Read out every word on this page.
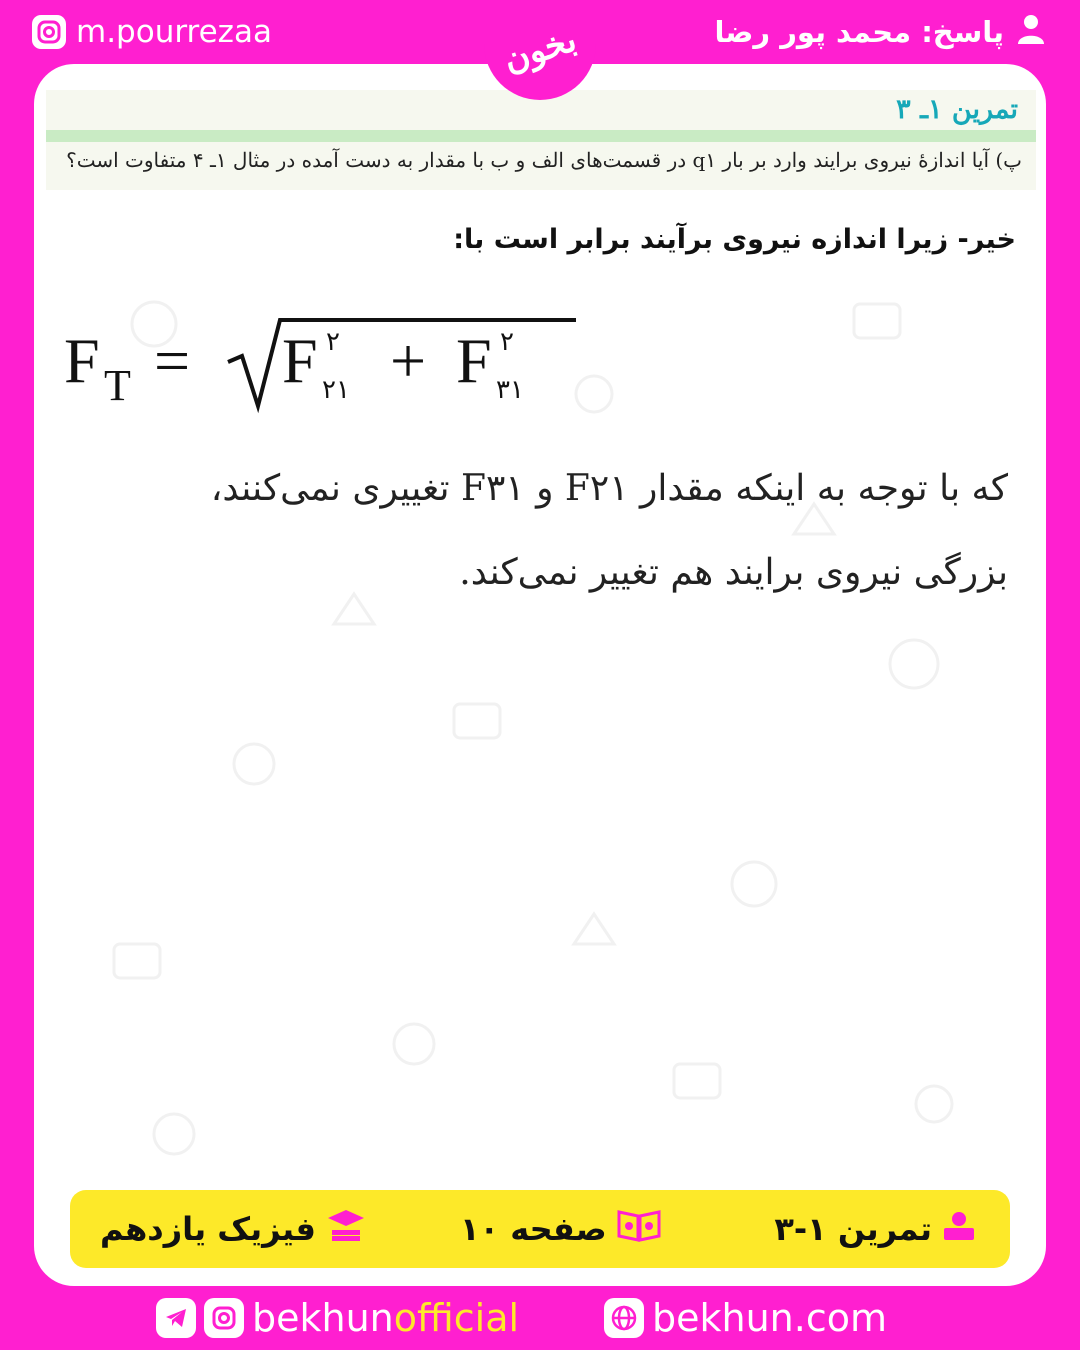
m.pourrezaa	پاسخ: محمد پور رضا
بخون
تمرین ۱ـ ۳
پ) آیا اندازهٔ نیروی برایند وارد بر بار q۱ در قسمت‌های الف و ب با مقدار به دست آمده در مثال ۱ـ ۴ متفاوت است؟
خیر- زیرا اندازه نیروی برآیند برابر است با:
F T = F ۲
۲۱ + F ۲
۳۱
که با توجه به اینکه مقدار F۲۱ و F۳۱ تغییری نمی‌کنند،
بزرگی نیروی برایند هم تغییر نمی‌کند.
تمرین ۱-۳
صفحه ۱۰
فیزیک یازدهم
bekhunofficial	bekhun.com
